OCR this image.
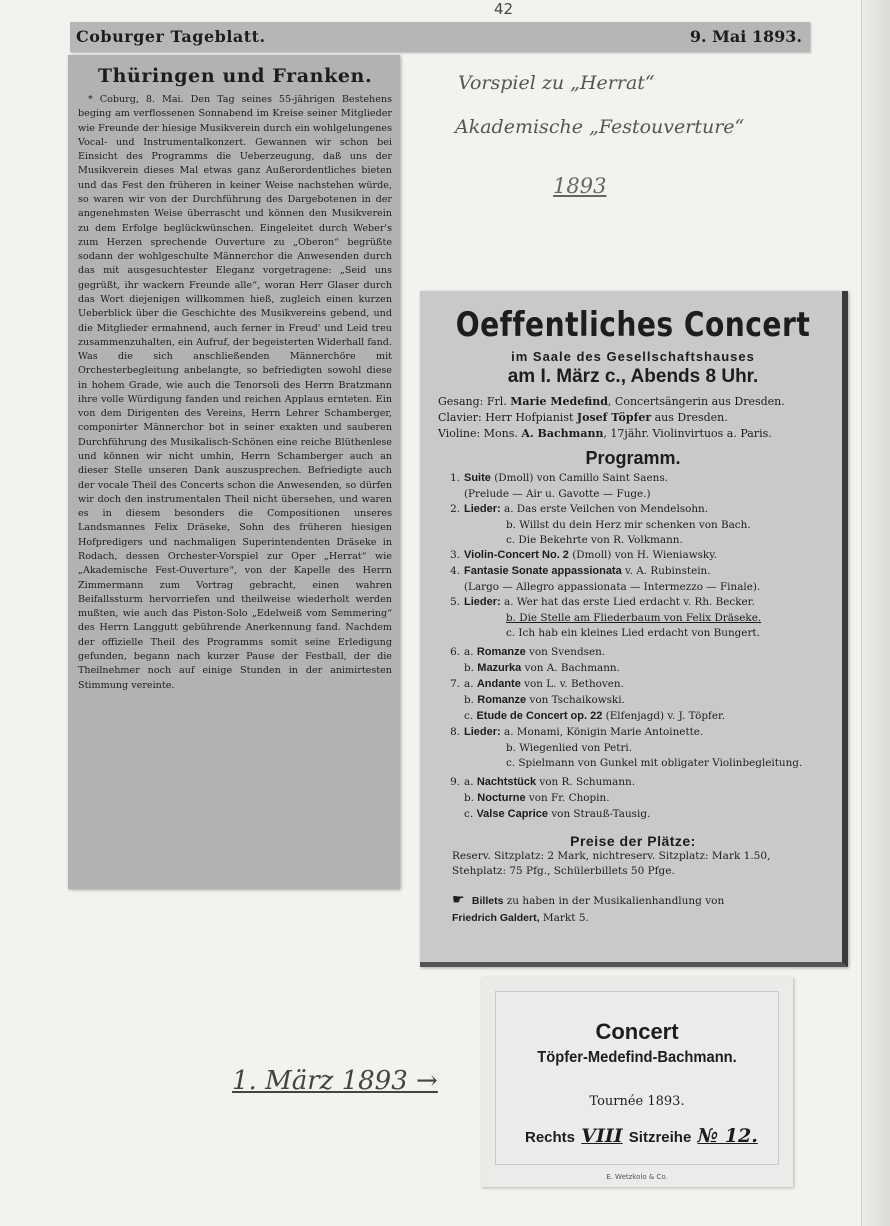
42
Coburger Tageblatt.	9. Mai 1893.
Thüringen und Franken.

* Coburg, 8. Mai. Den Tag seines 55-jährigen Bestehens beging am verflossenen Sonnabend im Kreise seiner Mitglieder wie Freunde der hiesige Musikverein durch ein wohlgelungenes Vocal- und Instrumentalkonzert. Gewannen wir schon bei Einsicht des Programms die Ueberzeugung, daß uns der Musikverein dieses Mal etwas ganz Außerordentliches bieten und das Fest den früheren in keiner Weise nachstehen würde, so waren wir von der Durchführung des Dargebotenen in der angenehmsten Weise überrascht und können den Musikverein zu dem Erfolge beglückwünschen. Eingeleitet durch Weber's zum Herzen sprechende Ouverture zu „Oberon“ begrüßte sodann der wohlgeschulte Männerchor die Anwesenden durch das mit ausgesuchtester Eleganz vorgetragene: „Seid uns gegrüßt, ihr wackern Freunde alle“, woran Herr Glaser durch das Wort diejenigen willkommen hieß, zugleich einen kurzen Ueberblick über die Geschichte des Musikvereins gebend, und die Mitglieder ermahnend, auch ferner in Freud' und Leid treu zusammenzuhalten, ein Aufruf, der begeisterten Widerhall fand. Was die sich anschließenden Männerchöre mit Orchesterbegleitung anbelangte, so befriedigten sowohl diese in hohem Grade, wie auch die Tenorsoli des Herrn Bratzmann ihre volle Würdigung fanden und reichen Applaus ernteten. Ein von dem Dirigenten des Vereins, Herrn Lehrer Schamberger, componirter Männerchor bot in seiner exakten und sauberen Durchführung des Musikalisch-Schönen eine reiche Blüthenlese und können wir nicht umhin, Herrn Schamberger auch an dieser Stelle unseren Dank auszusprechen. Befriedigte auch der vocale Theil des Concerts schon die Anwesenden, so dürfen wir doch den instrumentalen Theil nicht übersehen, und waren es in diesem besonders die Compositionen unseres Landsmannes Felix Dräseke, Sohn des früheren hiesigen Hofpredigers und nachmaligen Superintendenten Dräseke in Rodach, dessen Orchester-Vorspiel zur Oper „Herrat“ wie „Akademische Fest-Ouverture“, von der Kapelle des Herrn Zimmermann zum Vortrag gebracht, einen wahren Beifallssturm hervorriefen und theilweise wiederholt werden mußten, wie auch das Piston-Solo „Edelweiß vom Semmering“ des Herrn Langgutt gebührende Anerkennung fand. Nachdem der offizielle Theil des Programms somit seine Erledigung gefunden, begann nach kurzer Pause der Festball, der die Theilnehmer noch auf einige Stunden in der animirtesten Stimmung vereinte.

Vorspiel zu „Herrat“
Akademische „Festouverture“
1893
1. März 1893 →
Oeffentliches Concert

im Saale des Gesellschaftshauses

am I. März c., Abends 8 Uhr.

Gesang: Frl. Marie Medefind, Concertsängerin aus Dresden.
Clavier: Herr Hofpianist Josef Töpfer aus Dresden.
Violine: Mons. A. Bachmann, 17jähr. Violinvirtuos a. Paris.
Programm.
1. Suite (Dmoll) von Camillo Saint Saens.
(Prelude — Air u. Gavotte — Fuge.)
2. Lieder: a. Das erste Veilchen von Mendelsohn.
b. Willst du dein Herz mir schenken von Bach.
c. Die Bekehrte von R. Volkmann.
3. Violin-Concert No. 2 (Dmoll) von H. Wieniawsky.
4. Fantasie Sonate appassionata v. A. Rubinstein.
(Largo — Allegro appassionata — Intermezzo — Finale).
5. Lieder: a. Wer hat das erste Lied erdacht v. Rh. Becker.
b. Die Stelle am Fliederbaum von Felix Dräseke.
c. Ich hab ein kleines Lied erdacht von Bungert.
6. a. Romanze von Svendsen.
b. Mazurka von A. Bachmann.
7. a. Andante von L. v. Bethoven.
b. Romanze von Tschaikowski.
c. Etude de Concert op. 22 (Elfenjagd) v. J. Töpfer.
8. Lieder: a. Monami, Königin Marie Antoinette.
b. Wiegenlied von Petri.
c. Spielmann von Gunkel mit obligater Violinbegleitung.
9. a. Nachtstück von R. Schumann.
b. Nocturne von Fr. Chopin.
c. Valse Caprice von Strauß-Tausig.
Preise der Plätze:
Reserv. Sitzplatz: 2 Mark, nichtreserv. Sitzplatz: Mark 1.50,
Stehplatz: 75 Pfg., Schülerbillets 50 Pfge.
☛ Billets zu haben in der Musikalienhandlung von
Friedrich Galdert, Markt 5.
Concert
Töpfer-Medefind-Bachmann.
Tournée 1893.
Rechts VIII Sitzreihe № 12.
E. Wetzkolo & Co.
